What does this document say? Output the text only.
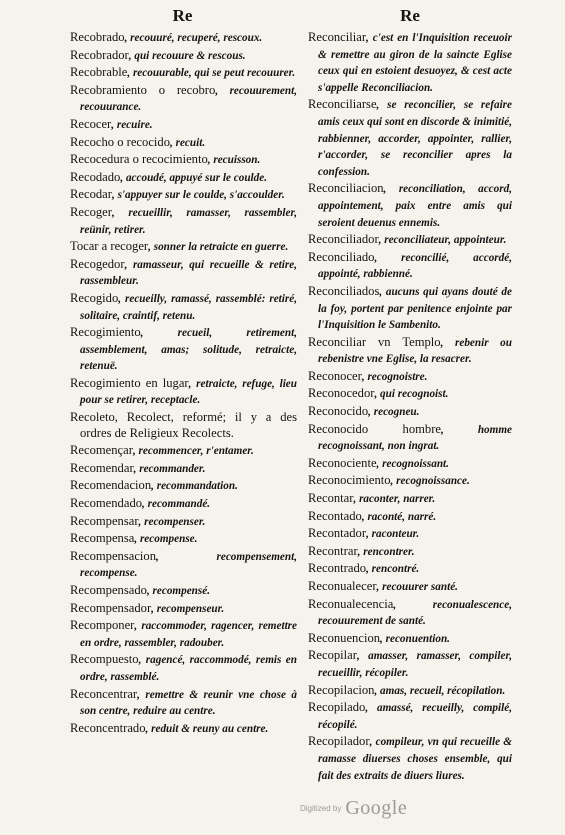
Re	Re
Recobrado, recouuré, recuperé, rescoux.
Recobrador, qui recouure & rescous.
Recobrable, recouurable, qui se peut recouurer.
Recobramiento o recobro, recouurement, recouurance.
Recocer, recuire.
Recocho o recocido, recuit.
Recocedura o recocimiento, recuisson.
Recodado, accoudé, appuyé sur le coulde.
Recodar, s'appuyer sur le coulde, s'accoulder.
Recoger, recueillir, ramasser, rassembler, reünir, retirer.
Tocar a recoger, sonner la retraicte en guerre.
Recogedor, ramasseur, qui recueille & retire, rassembleur.
Recogido, recueilly, ramassé, rassemblé: retiré, solitaire, craintif, retenu.
Recogimiento, recueil, retirement, assemblement, amas; solitude, retraicte, retenuë.
Recogimiento en lugar, retraicte, refuge, lieu pour se retirer, receptacle.
Recoleto, Recolect, reformé; il y a des ordres de Religieux Recolects.
Recomençar, recommencer, r'entamer.
Recomendar, recommander.
Recomendacion, recommandation.
Recomendado, recommandé.
Recompensar, recompenser.
Recompensa, recompense.
Recompensacion, recompensement, recompense.
Recompensado, recompensé.
Recompensador, recompenseur.
Recomponer, raccommoder, ragencer, remettre en ordre, rassembler, radouber.
Recompuesto, ragencé, raccommodé, remis en ordre, rassemblé.
Reconcentrar, remettre & reunir vne chose à son centre, reduire au centre.
Reconcentrado, reduit & reuny au centre.
Reconciliar, c'est en l'Inquisition receuoir & remettre au giron de la saincte Eglise ceux qui en estoient desuoyez, & cest acte s'appelle Reconciliacion.
Reconciliarse, se reconcilier, se refaire amis ceux qui sont en discorde & inimitié, rabbienner, accorder, appointer, rallier, r'accorder, se reconcilier apres la confession.
Reconciliacion, reconciliation, accord, appointement, paix entre amis qui seroient deuenus ennemis.
Reconciliador, reconciliateur, appointeur.
Reconciliado, reconcilié, accordé, appointé, rabbienné.
Reconciliados, aucuns qui ayans douté de la foy, portent par penitence enjointe par l'Inquisition le Sambenito.
Reconciliar vn Templo, rebenir ou rebenistre vne Eglise, la resacrer.
Reconocer, recognoistre.
Reconocedor, qui recognoist.
Reconocido, recogneu.
Reconocido hombre, homme recognoissant, non ingrat.
Reconociente, recognoissant.
Reconocimiento, recognoissance.
Recontar, raconter, narrer.
Recontado, raconté, narré.
Recontador, raconteur.
Recontrar, rencontrer.
Recontrado, rencontré.
Reconualecer, recouurer santé.
Reconualecencia, reconualescence, recouurement de santé.
Reconuencion, reconuention.
Recopilar, amasser, ramasser, compiler, recueillir, récopiler.
Recopilacion, amas, recueil, récopilation.
Recopilado, amassé, recueilly, compilé, récopilé.
Recopilador, compileur, vn qui recueille & ramasse diuerses choses ensemble, qui fait des extraits de diuers liures.
Digitized by Google
